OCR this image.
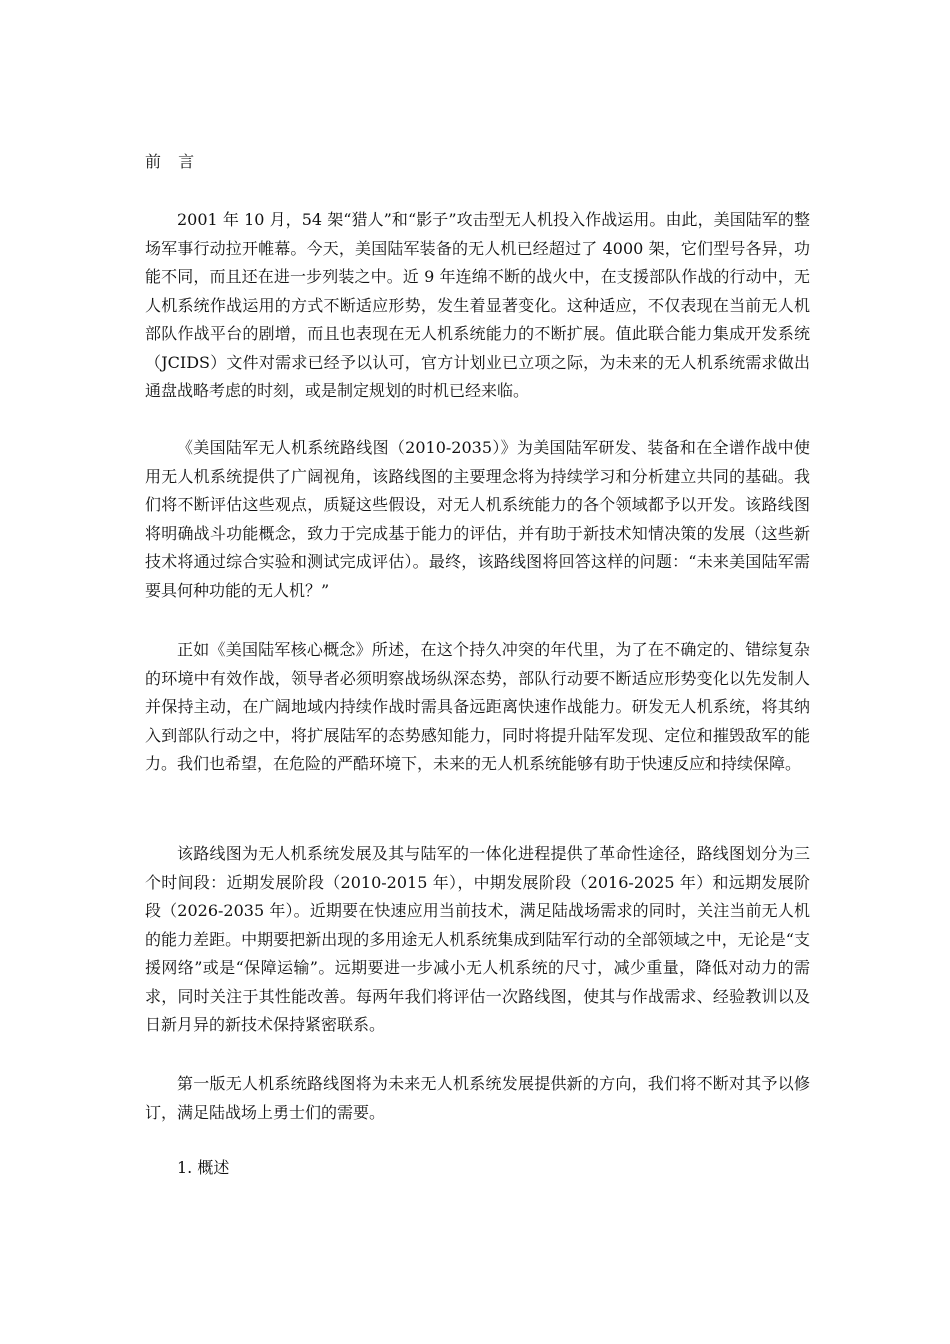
前 言

2001 年 10 月，54 架“猎人”和“影子”攻击型无人机投入作战运用。由此，美国陆军的整场军事行动拉开帷幕。今天，美国陆军装备的无人机已经超过了 4000 架，它们型号各异，功能不同，而且还在进一步列装之中。近 9 年连绵不断的战火中，在支援部队作战的行动中，无人机系统作战运用的方式不断适应形势，发生着显著变化。这种适应，不仅表现在当前无人机部队作战平台的剧增，而且也表现在无人机系统能力的不断扩展。值此联合能力集成开发系统（JCIDS）文件对需求已经予以认可，官方计划业已立项之际，为未来的无人机系统需求做出通盘战略考虑的时刻，或是制定规划的时机已经来临。

《美国陆军无人机系统路线图（2010-2035）》为美国陆军研发、装备和在全谱作战中使用无人机系统提供了广阔视角，该路线图的主要理念将为持续学习和分析建立共同的基础。我们将不断评估这些观点，质疑这些假设，对无人机系统能力的各个领域都予以开发。该路线图将明确战斗功能概念，致力于完成基于能力的评估，并有助于新技术知情决策的发展（这些新技术将通过综合实验和测试完成评估）。最终，该路线图将回答这样的问题：“未来美国陆军需要具何种功能的无人机？”

正如《美国陆军核心概念》所述，在这个持久冲突的年代里，为了在不确定的、错综复杂的环境中有效作战，领导者必须明察战场纵深态势，部队行动要不断适应形势变化以先发制人并保持主动，在广阔地域内持续作战时需具备远距离快速作战能力。研发无人机系统，将其纳入到部队行动之中，将扩展陆军的态势感知能力，同时将提升陆军发现、定位和摧毁敌军的能力。我们也希望，在危险的严酷环境下，未来的无人机系统能够有助于快速反应和持续保障。

该路线图为无人机系统发展及其与陆军的一体化进程提供了革命性途径，路线图划分为三个时间段：近期发展阶段（2010-2015 年），中期发展阶段（2016-2025 年）和远期发展阶段（2026-2035 年）。近期要在快速应用当前技术，满足陆战场需求的同时，关注当前无人机的能力差距。中期要把新出现的多用途无人机系统集成到陆军行动的全部领域之中，无论是“支援网络”或是“保障运输”。远期要进一步减小无人机系统的尺寸，减少重量，降低对动力的需求，同时关注于其性能改善。每两年我们将评估一次路线图，使其与作战需求、经验教训以及日新月异的新技术保持紧密联系。

第一版无人机系统路线图将为未来无人机系统发展提供新的方向，我们将不断对其予以修订，满足陆战场上勇士们的需要。

1. 概述
